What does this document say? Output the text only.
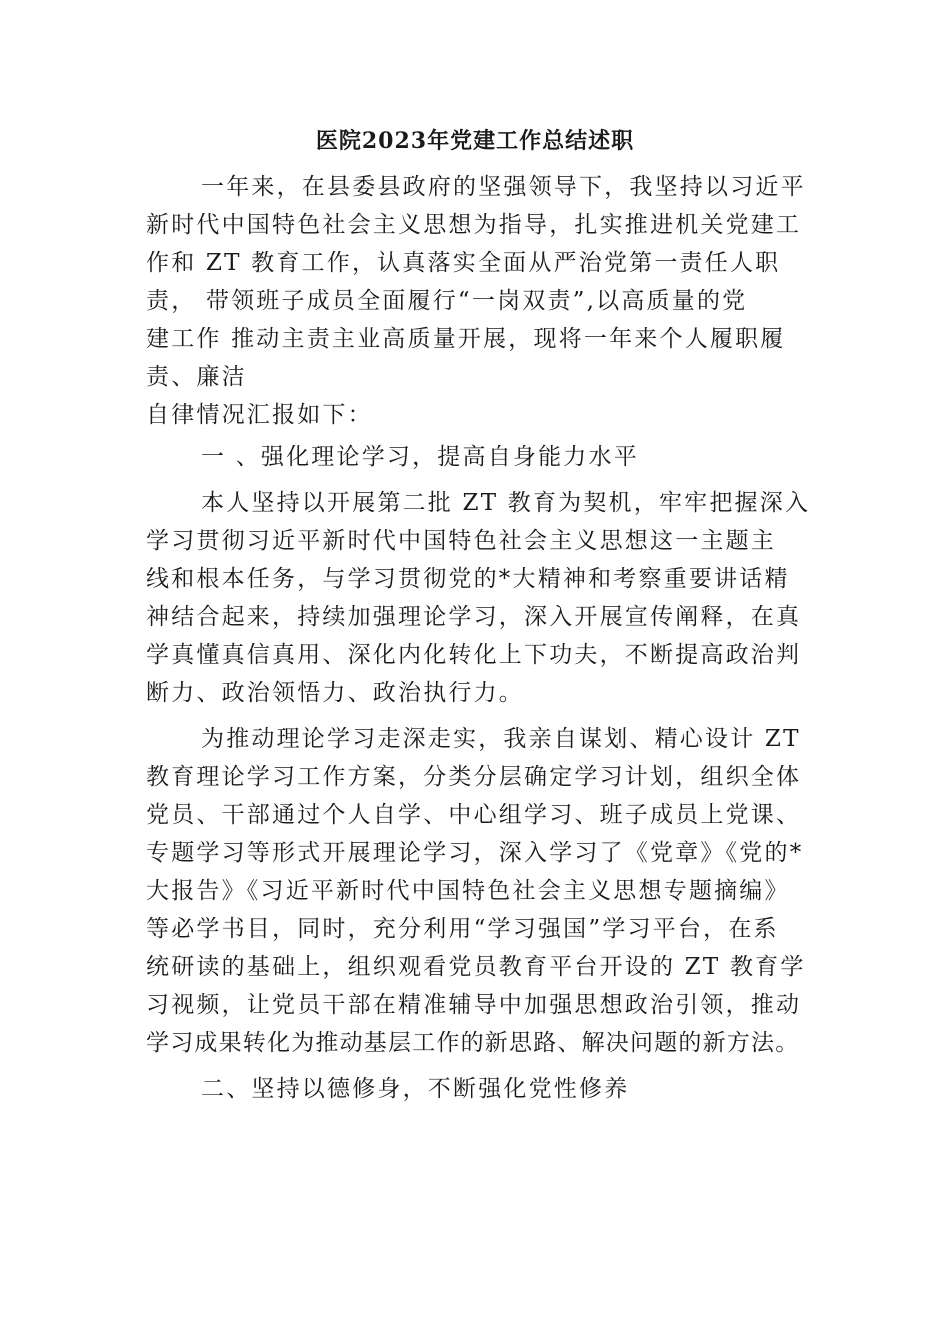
医院2023年党建工作总结述职
一年来，在县委县政府的坚强领导下，我坚持以习近平
新时代中国特色社会主义思想为指导，扎实推进机关党建工
作和 ZT 教育工作，认真落实全面从严治党第一责任人职
责， 带领班子成员全面履行“一岗双责”,以高质量的党
建工作 推动主责主业高质量开展，现将一年来个人履职履
责、廉洁
自律情况汇报如下：
一 、强化理论学习，提高自身能力水平
本人坚持以开展第二批 ZT 教育为契机，牢牢把握深入
学习贯彻习近平新时代中国特色社会主义思想这一主题主
线和根本任务，与学习贯彻党的*大精神和考察重要讲话精
神结合起来，持续加强理论学习，深入开展宣传阐释，在真
学真懂真信真用、深化内化转化上下功夫，不断提高政治判
断力、政治领悟力、政治执行力。
为推动理论学习走深走实，我亲自谋划、精心设计 ZT
教育理论学习工作方案，分类分层确定学习计划，组织全体
党员、干部通过个人自学、中心组学习、班子成员上党课、
专题学习等形式开展理论学习，深入学习了《党章》《党的*
大报告》《习近平新时代中国特色社会主义思想专题摘编》
等必学书目，同时，充分利用“学习强国”学习平台，在系
统研读的基础上，组织观看党员教育平台开设的 ZT 教育学
习视频，让党员干部在精准辅导中加强思想政治引领，推动
学习成果转化为推动基层工作的新思路、解决问题的新方法。
二、坚持以德修身，不断强化党性修养
